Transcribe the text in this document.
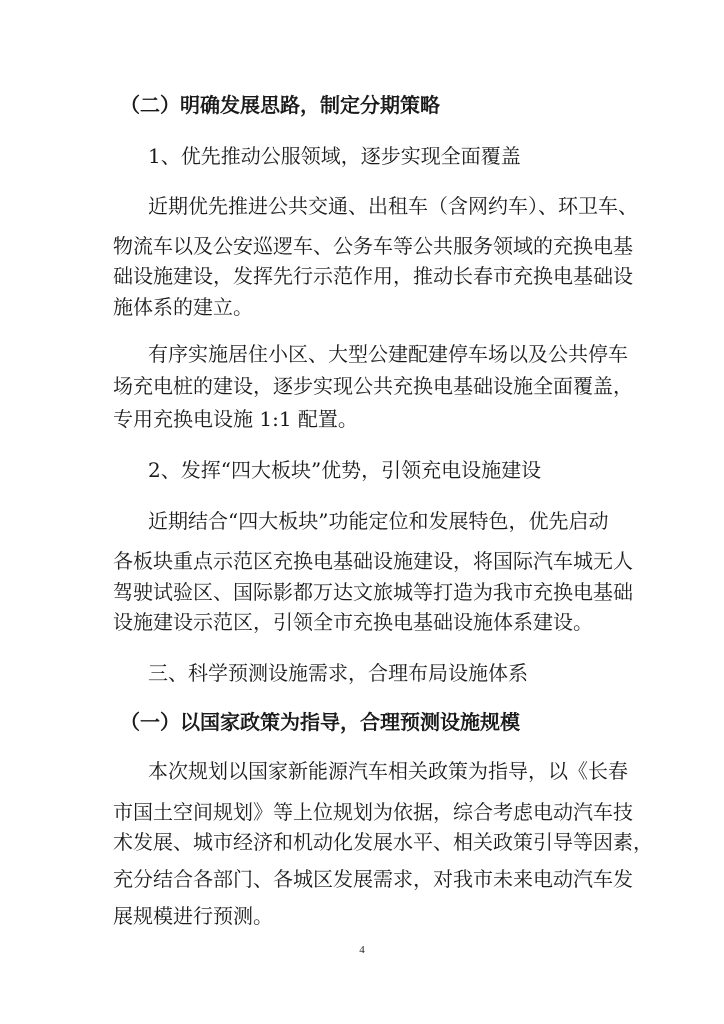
（二）明确发展思路，制定分期策略
1、优先推动公服领域，逐步实现全面覆盖
近期优先推进公共交通、出租车（含网约车）、环卫车、
物流车以及公安巡逻车、公务车等公共服务领域的充换电基
础设施建设，发挥先行示范作用，推动长春市充换电基础设
施体系的建立。
有序实施居住小区、大型公建配建停车场以及公共停车
场充电桩的建设，逐步实现公共充换电基础设施全面覆盖，
专用充换电设施 1:1 配置。
2、发挥“四大板块”优势，引领充电设施建设
近期结合“四大板块”功能定位和发展特色，优先启动
各板块重点示范区充换电基础设施建设，将国际汽车城无人
驾驶试验区、国际影都万达文旅城等打造为我市充换电基础
设施建设示范区，引领全市充换电基础设施体系建设。
三、科学预测设施需求，合理布局设施体系
（一）以国家政策为指导，合理预测设施规模
本次规划以国家新能源汽车相关政策为指导，以《长春
市国土空间规划》等上位规划为依据，综合考虑电动汽车技
术发展、城市经济和机动化发展水平、相关政策引导等因素，
充分结合各部门、各城区发展需求，对我市未来电动汽车发
展规模进行预测。
4
